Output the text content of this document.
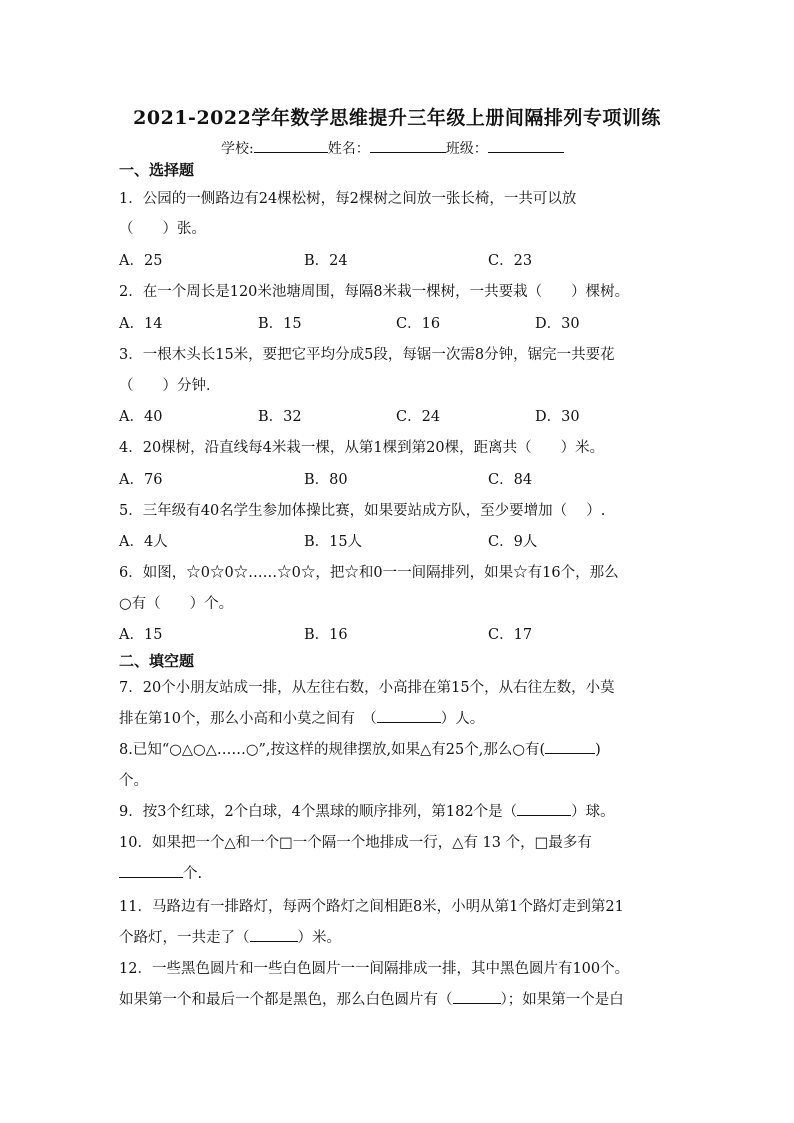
2021-2022学年数学思维提升三年级上册间隔排列专项训练
学校:	姓名：	班级：
一、选择题
1．公园的一侧路边有24棵松树，每2棵树之间放一张长椅，一共可以放
（　　）张。
A．25	B．24	C．23
2．在一个周长是120米池塘周围，每隔8米栽一棵树，一共要栽（　　）棵树。
A．14	B．15	C．16	D．30
3．一根木头长15米，要把它平均分成5段，每锯一次需8分钟，锯完一共要花
（　　）分钟．
A．40	B．32	C．24	D．30
4．20棵树，沿直线每4米栽一棵，从第1棵到第20棵，距离共（　　）米。
A．76	B．80	C．84
5．三年级有40名学生参加体操比赛，如果要站成方队，至少要增加（　 ）.
A．4人	B．15人	C．9人
6．如图，☆0☆0☆……☆0☆，把☆和0一一间隔排列，如果☆有16个，那么
○有（　　）个。
A．15	B．16	C．17
二、填空题
7．20个小朋友站成一排，从左往右数，小高排在第15个，从右往左数，小莫
排在第10个，那么小高和小莫之间有　（	）人。
8.已知“○△○△……○”,按这样的规律摆放,如果△有25个,那么○有(	)
个。
9．按3个红球，2个白球，4个黑球的顺序排列，第182个是（	）球。
10．如果把一个△和一个□一个隔一个地排成一行，△有 13 个，□最多有
个.
11．马路边有一排路灯，每两个路灯之间相距8米，小明从第1个路灯走到第21
个路灯，一共走了（	）米。
12．一些黑色圆片和一些白色圆片一一间隔排成一排，其中黑色圆片有100个。
如果第一个和最后一个都是黑色，那么白色圆片有（	）；如果第一个是白
